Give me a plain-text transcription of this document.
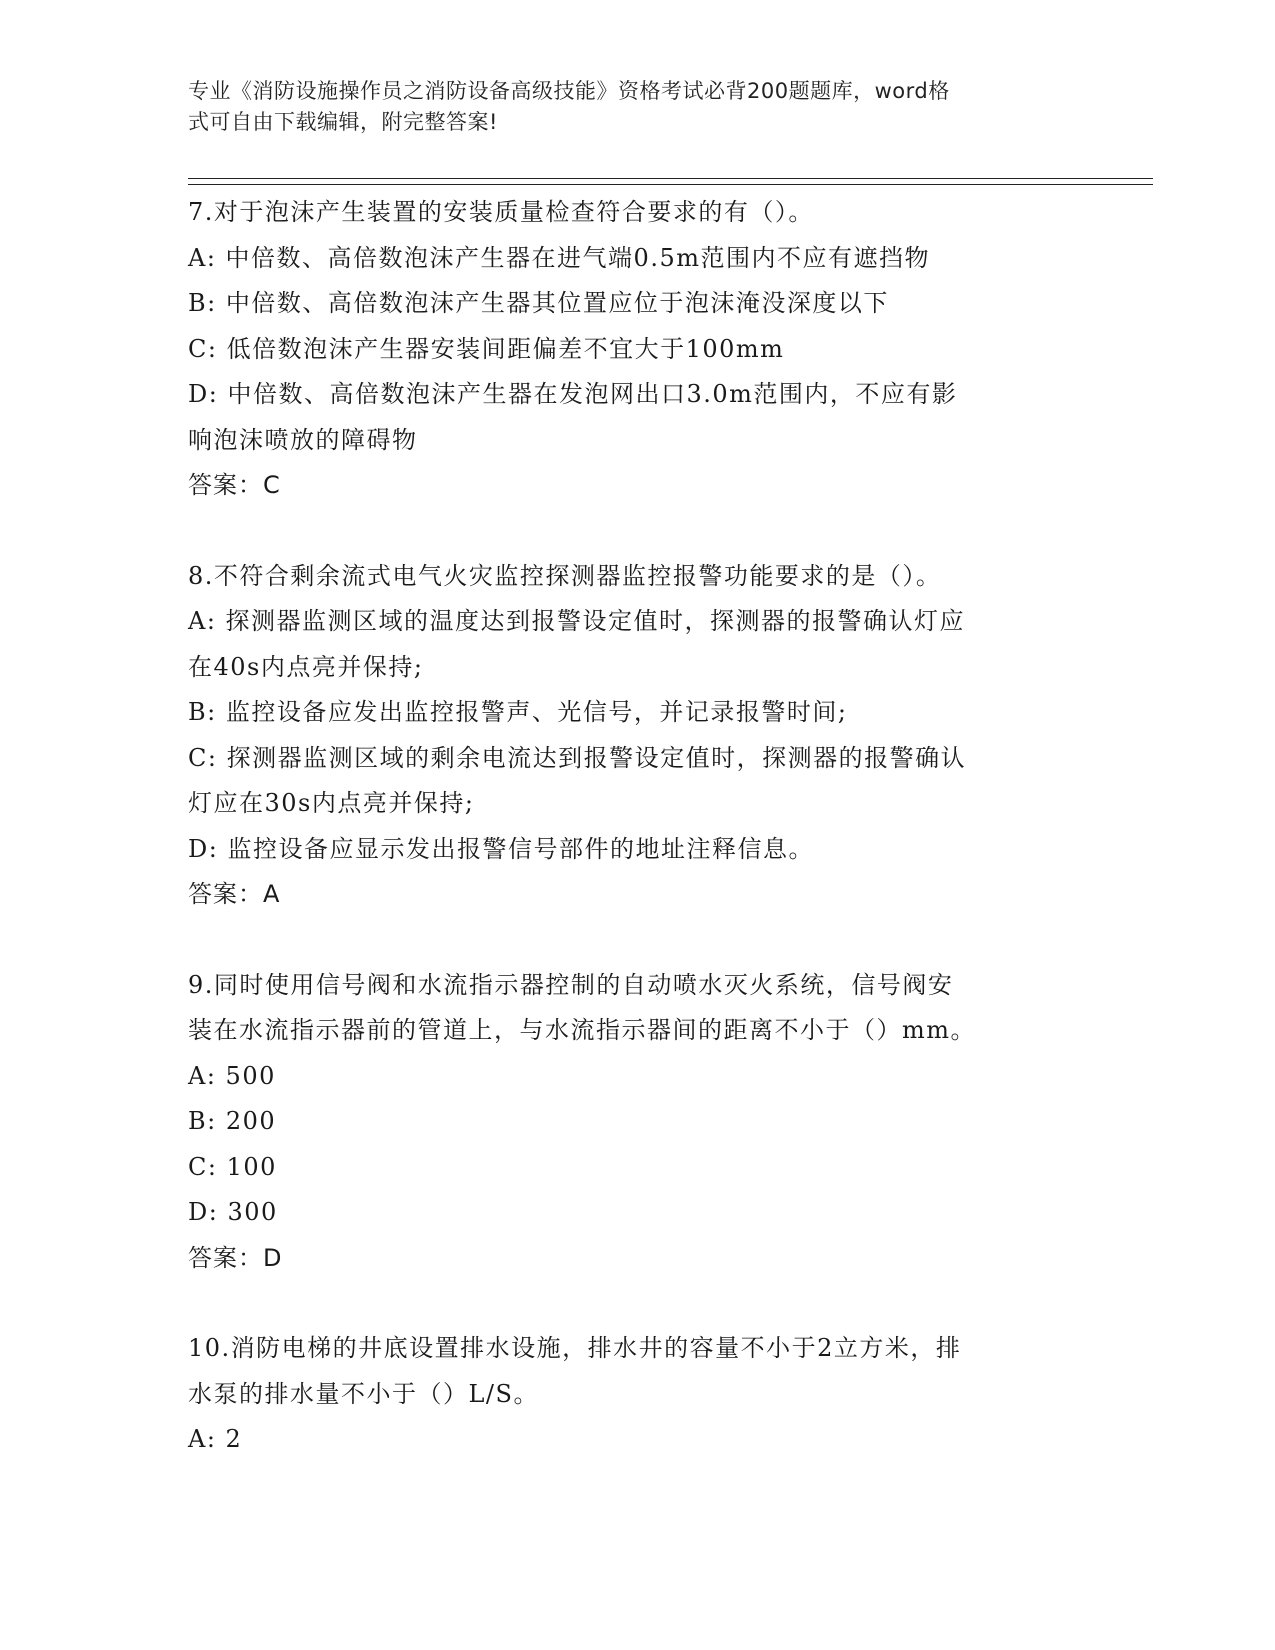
专业《消防设施操作员之消防设备高级技能》资格考试必背200题题库，word格
式可自由下载编辑，附完整答案!
7.对于泡沫产生装置的安装质量检查符合要求的有（）。
A: 中倍数、高倍数泡沫产生器在进气端0.5m范围内不应有遮挡物
B: 中倍数、高倍数泡沫产生器其位置应位于泡沫淹没深度以下
C: 低倍数泡沫产生器安装间距偏差不宜大于100mm
D: 中倍数、高倍数泡沫产生器在发泡网出口3.0m范围内，不应有影
响泡沫喷放的障碍物
答案：C
8.不符合剩余流式电气火灾监控探测器监控报警功能要求的是（）。
A: 探测器监测区域的温度达到报警设定值时，探测器的报警确认灯应
在40s内点亮并保持;
B: 监控设备应发出监控报警声、光信号，并记录报警时间;
C: 探测器监测区域的剩余电流达到报警设定值时，探测器的报警确认
灯应在30s内点亮并保持;
D: 监控设备应显示发出报警信号部件的地址注释信息。
答案：A
9.同时使用信号阀和水流指示器控制的自动喷水灭火系统，信号阀安
装在水流指示器前的管道上，与水流指示器间的距离不小于（）mm。
A: 500
B: 200
C: 100
D: 300
答案：D
10.消防电梯的井底设置排水设施，排水井的容量不小于2立方米，排
水泵的排水量不小于（）L/S。
A: 2
